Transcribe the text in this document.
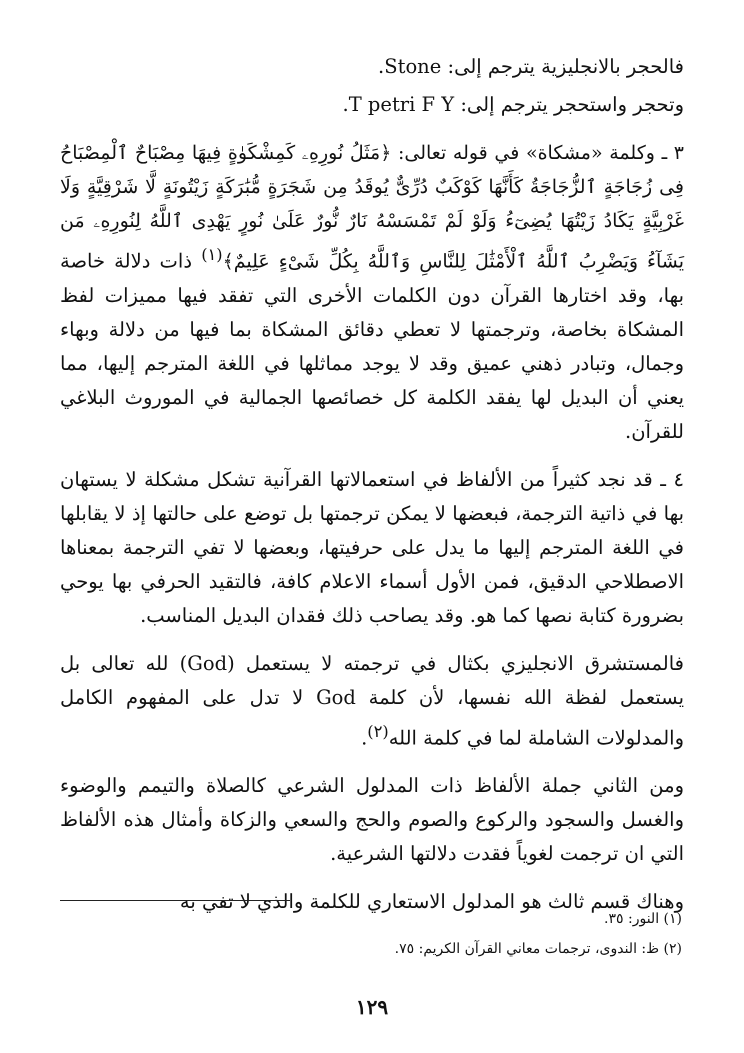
فالحجر بالانجليزية يترجم إلى: Stone.

وتحجر واستحجر يترجم إلى: T petri F Y.

٣ ـ وكلمة «مشكاة» في قوله تعالى: ﴿مَثَلُ نُورِهِۦ كَمِشْكَوٰةٍ فِيهَا مِصْبَاحٌ ٱلْمِصْبَاحُ فِى زُجَاجَةٍ ٱلزُّجَاجَةُ كَأَنَّهَا كَوْكَبٌ دُرِّىٌّ يُوقَدُ مِن شَجَرَةٍ مُّبَٰرَكَةٍ زَيْتُونَةٍ لَّا شَرْقِيَّةٍ وَلَا غَرْبِيَّةٍ يَكَادُ زَيْتُهَا يُضِىٓءُ وَلَوْ لَمْ تَمْسَسْهُ نَارٌ نُّورٌ عَلَىٰ نُورٍ يَهْدِى ٱللَّهُ لِنُورِهِۦ مَن يَشَآءُ وَيَضْرِبُ ٱللَّهُ ٱلْأَمْثَٰلَ لِلنَّاسِ وَٱللَّهُ بِكُلِّ شَىْءٍ عَلِيمٌ﴾$^{(١)}$ ذات دلالة خاصة بها، وقد اختارها القرآن دون الكلمات الأخرى التي تفقد فيها مميزات لفظ المشكاة بخاصة، وترجمتها لا تعطي دقائق المشكاة بما فيها من دلالة وبهاء وجمال، وتبادر ذهني عميق وقد لا يوجد مماثلها في اللغة المترجم إليها، مما يعني أن البديل لها يفقد الكلمة كل خصائصها الجمالية في الموروث البلاغي للقرآن.

٤ ـ قد نجد كثيراً من الألفاظ في استعمالاتها القرآنية تشكل مشكلة لا يستهان بها في ذاتية الترجمة، فبعضها لا يمكن ترجمتها بل توضع على حالتها إذ لا يقابلها في اللغة المترجم إليها ما يدل على حرفيتها، وبعضها لا تفي الترجمة بمعناها الاصطلاحي الدقيق، فمن الأول أسماء الاعلام كافة، فالتقيد الحرفي بها يوحي بضرورة كتابة نصها كما هو. وقد يصاحب ذلك فقدان البديل المناسب.

فالمستشرق الانجليزي بكثال في ترجمته لا يستعمل (God) لله تعالى بل يستعمل لفظة الله نفسها، لأن كلمة God لا تدل على المفهوم الكامل والمدلولات الشاملة لما في كلمة الله$^{(٢)}$.

ومن الثاني جملة الألفاظ ذات المدلول الشرعي كالصلاة والتيمم والوضوء والغسل والسجود والركوع والصوم والحج والسعي والزكاة وأمثال هذه الألفاظ التي ان ترجمت لغوياً فقدت دلالتها الشرعية.

وهناك قسم ثالث هو المدلول الاستعاري للكلمة والذي لا تفي به

(١) النور: ٣٥.
(٢) ظ: الندوى، ترجمات معاني القرآن الكريم: ٧٥.
١٢٩
